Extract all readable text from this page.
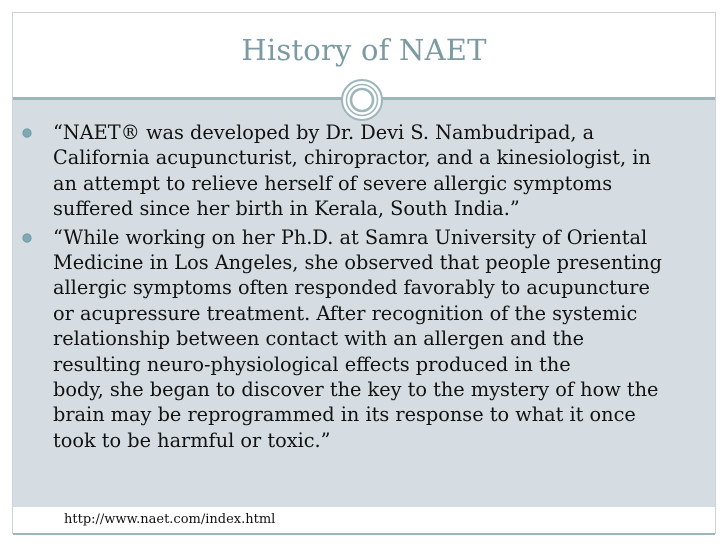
History of NAET
“NAET® was developed by Dr. Devi S. Nambudripad, a
California acupuncturist, chiropractor, and a kinesiologist, in
an attempt to relieve herself of severe allergic symptoms
suffered since her birth in Kerala, South India.”
“While working on her Ph.D. at Samra University of Oriental
Medicine in Los Angeles, she observed that people presenting
allergic symptoms often responded favorably to acupuncture
or acupressure treatment. After recognition of the systemic
relationship between contact with an allergen and the
resulting neuro-physiological effects produced in the
body, she began to discover the key to the mystery of how the
brain may be reprogrammed in its response to what it once
took to be harmful or toxic.”
http://www.naet.com/index.html
